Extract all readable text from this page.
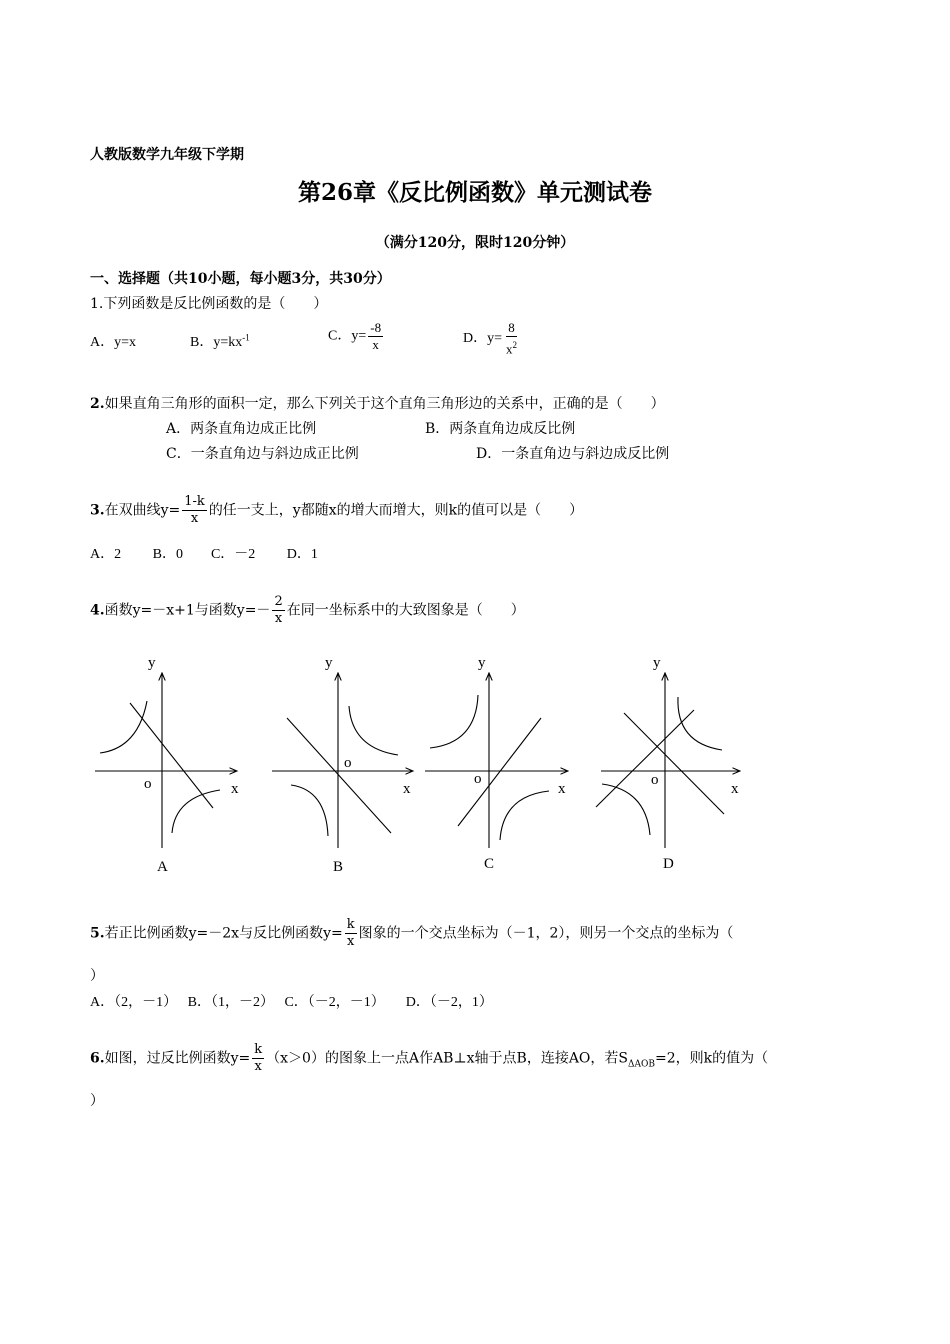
人教版数学九年级下学期
第26章《反比例函数》单元测试卷
（满分120分，限时120分钟）
一、选择题（共10小题，每小题3分，共30分）
1.下列函数是反比例函数的是（　　）
A．y=x	B．$y=kx^{-1}$	C．$y= \frac{-8}{x}$	D．$y= \frac{8}{x^2}$
2.如果直角三角形的面积一定，那么下列关于这个直角三角形边的关系中，正确的是（　　）
A．两条直角边成正比例	B．两条直角边成反比例
C．一条直角边与斜边成正比例	D．一条直角边与斜边成反比例
3.在双曲线$y= \frac{1-k}{x}$ 的任一支上，y都随x的增大而增大，则k的值可以是（　　）
A．2　　 B．0　　C．－2　　 D．1
4.函数y=－x+1与函数$y=- \frac{2}{x}$ 在同一坐标系中的大致图象是（　　）
y
x
o
A
y
x
o
B
y
x
o
C
y
x
o
D
5.若正比例函数y=－2x与反比例函数$y= \frac{k}{x}$ 图象的一个交点坐标为（－1，2），则另一个交点的坐标为（
）
A．（2，－1）　 B．（1，－2）　 C．（－2，－1）　　D．（－2，1）
6.如图，过反比例函数$y= \frac{k}{x} (x>0)$的图象上一点A作AB⊥x轴于点B，连接AO，若$S_{\Delta AOB}=2$，则k的值为（
）
